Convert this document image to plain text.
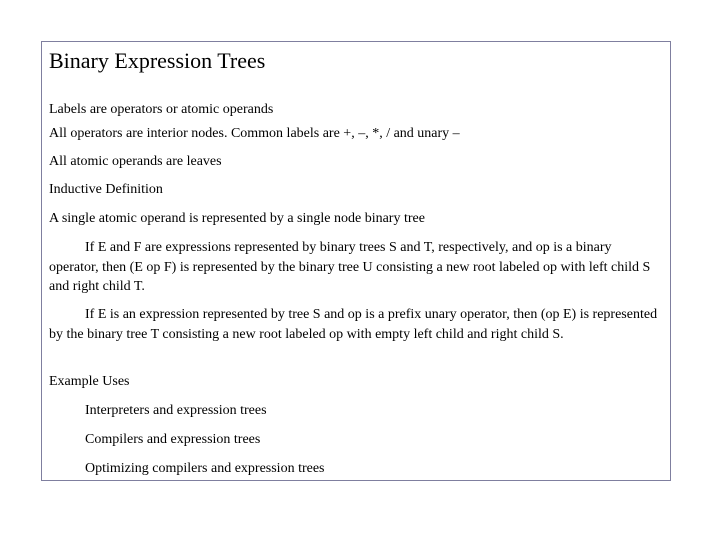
Binary Expression Trees

Labels are operators or atomic operands

All operators are interior nodes. Common labels are +, –, *, / and unary –

All atomic operands are leaves

Inductive Definition

A single atomic operand is represented by a single node binary tree

If E and F are expressions represented by binary trees S and T, respectively, and op is a binary operator, then (E op F) is represented by the binary tree U consisting a new root labeled op with left child S and right child T.

If E is an expression represented by tree S and op is a prefix unary operator, then (op E) is represented by the binary tree T consisting a new root labeled op with empty left child and right child S.

Example Uses

Interpreters and expression trees

Compilers and expression trees

Optimizing compilers and expression trees
